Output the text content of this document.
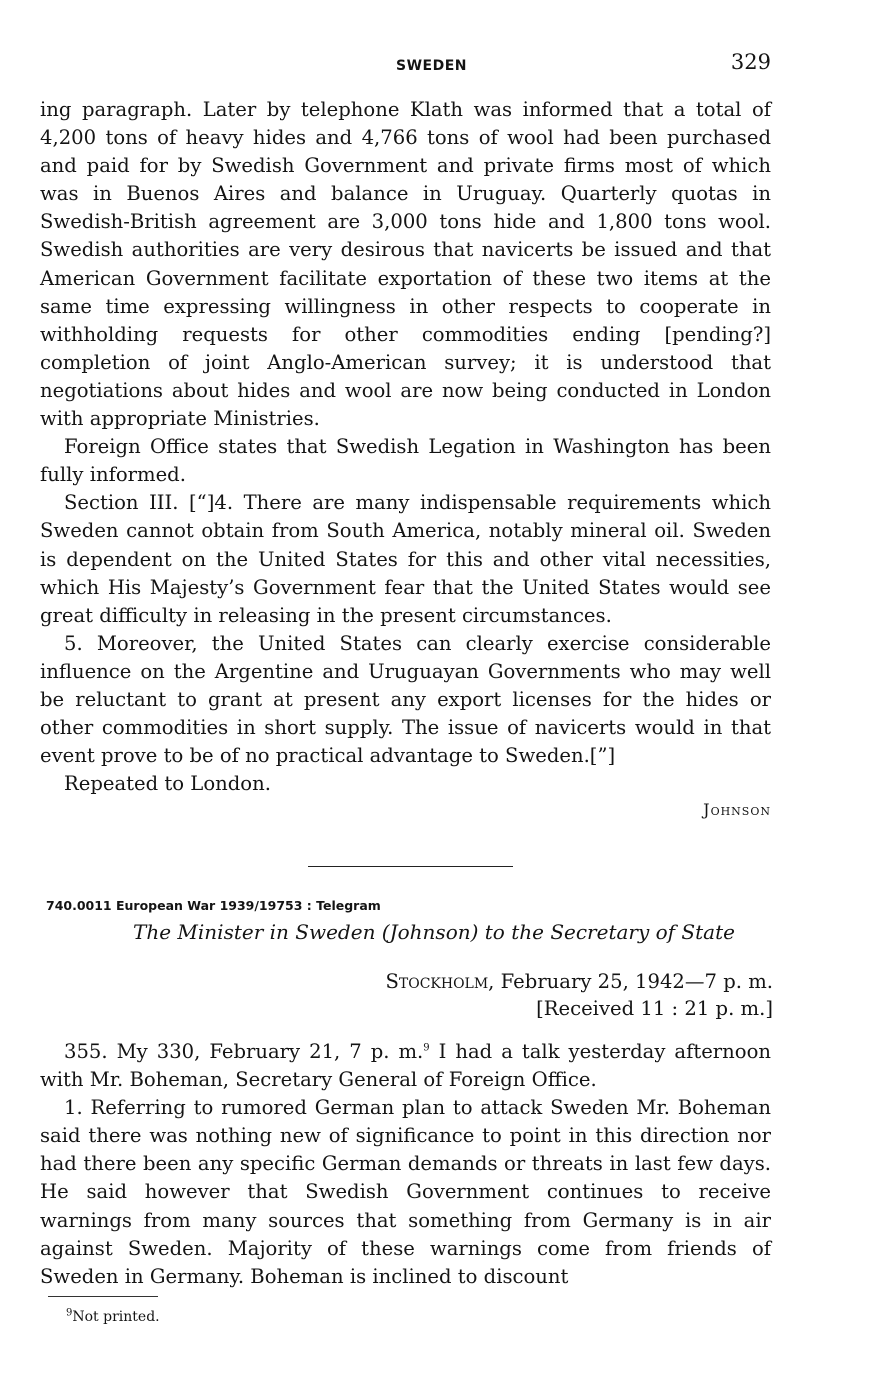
SWEDEN	329

ing paragraph. Later by telephone Klath was informed that a total of 4,200 tons of heavy hides and 4,766 tons of wool had been purchased and paid for by Swedish Government and private firms most of which was in Buenos Aires and balance in Uruguay. Quarterly quotas in Swedish-British agreement are 3,000 tons hide and 1,800 tons wool. Swedish authorities are very desirous that navicerts be issued and that American Government facilitate exportation of these two items at the same time expressing willingness in other respects to cooperate in withholding requests for other commodities ending [pending?] completion of joint Anglo-American survey; it is understood that negotiations about hides and wool are now being conducted in London with appropriate Ministries.

Foreign Office states that Swedish Legation in Washington has been fully informed.

Section III. [“]4. There are many indispensable requirements which Sweden cannot obtain from South America, notably mineral oil. Sweden is dependent on the United States for this and other vital necessities, which His Majesty’s Government fear that the United States would see great difficulty in releasing in the present circumstances.

5. Moreover, the United States can clearly exercise considerable influence on the Argentine and Uruguayan Governments who may well be reluctant to grant at present any export licenses for the hides or other commodities in short supply. The issue of navicerts would in that event prove to be of no practical advantage to Sweden.[”]

Repeated to London.

Johnson

740.0011 European War 1939/19753 : Telegram
The Minister in Sweden (Johnson) to the Secretary of State
Stockholm, February 25, 1942—7 p. m.
[Received 11 : 21 p. m.]

355. My 330, February 21, 7 p. m.$^9$ I had a talk yesterday afternoon with Mr. Boheman, Secretary General of Foreign Office.

1. Referring to rumored German plan to attack Sweden Mr. Boheman said there was nothing new of significance to point in this direction nor had there been any specific German demands or threats in last few days. He said however that Swedish Government continues to receive warnings from many sources that something from Germany is in air against Sweden. Majority of these warnings come from friends of Sweden in Germany. Boheman is inclined to discount

$^9$Not printed.
